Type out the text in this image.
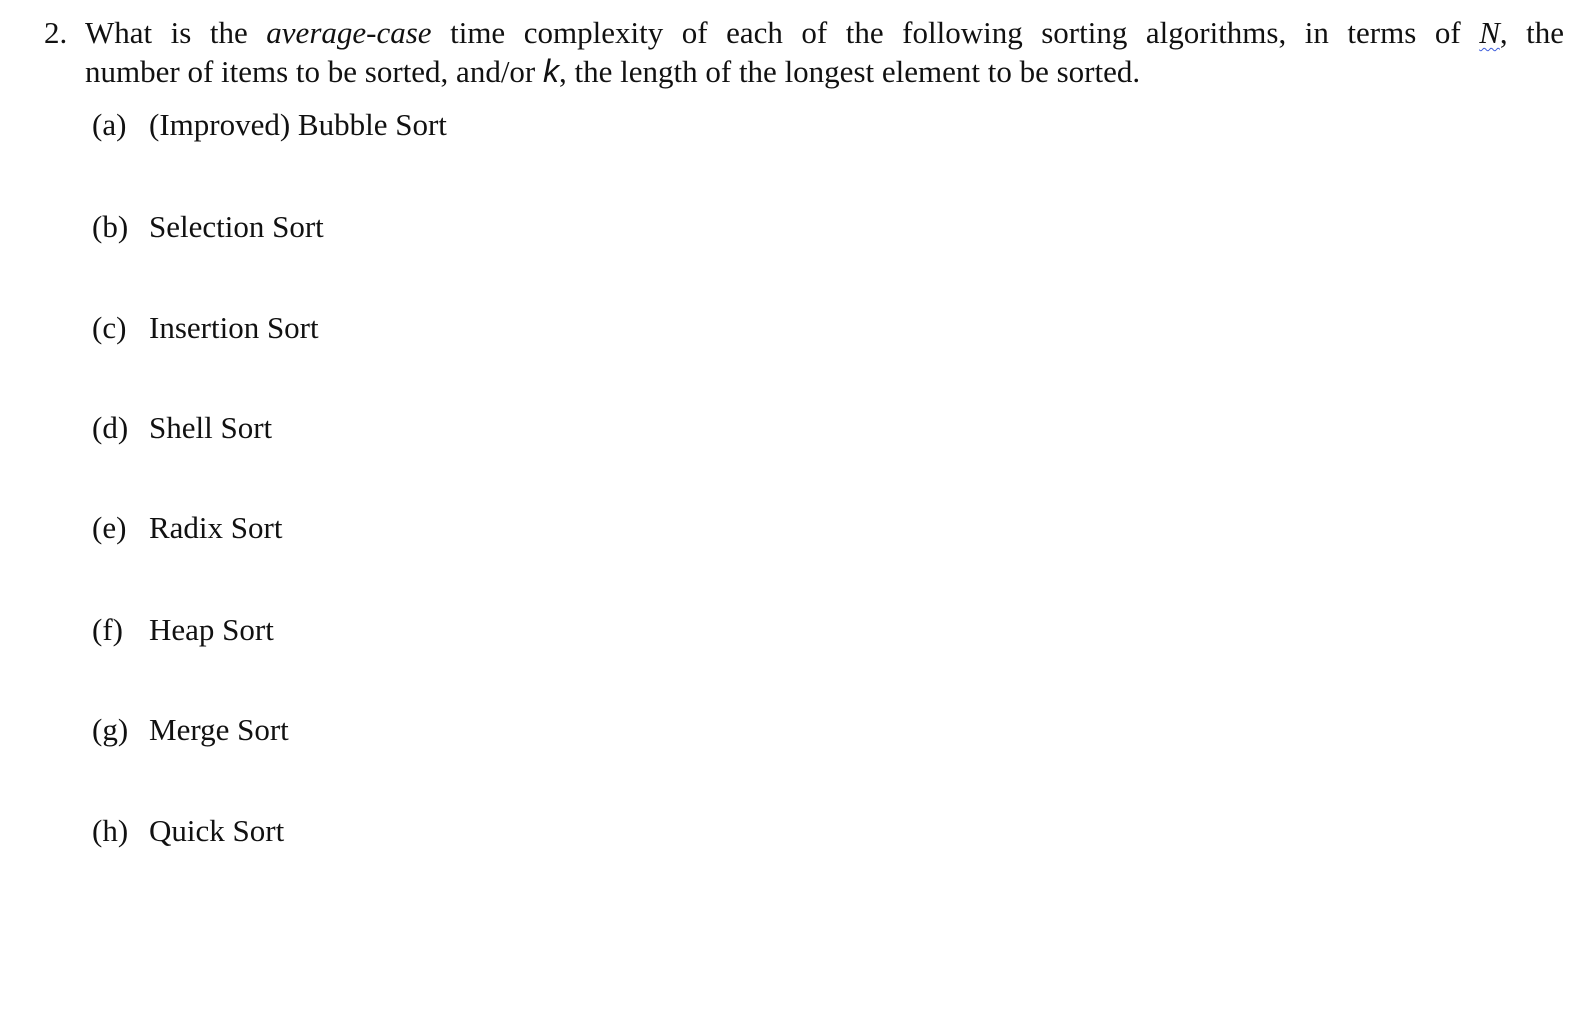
2. What is the average-case time complexity of each of the following sorting algorithms, in terms of N, the
number of items to be sorted, and/or k, the length of the longest element to be sorted.
(a) (Improved) Bubble Sort
(b) Selection Sort
(c) Insertion Sort
(d) Shell Sort
(e) Radix Sort
(f) Heap Sort
(g) Merge Sort
(h) Quick Sort
